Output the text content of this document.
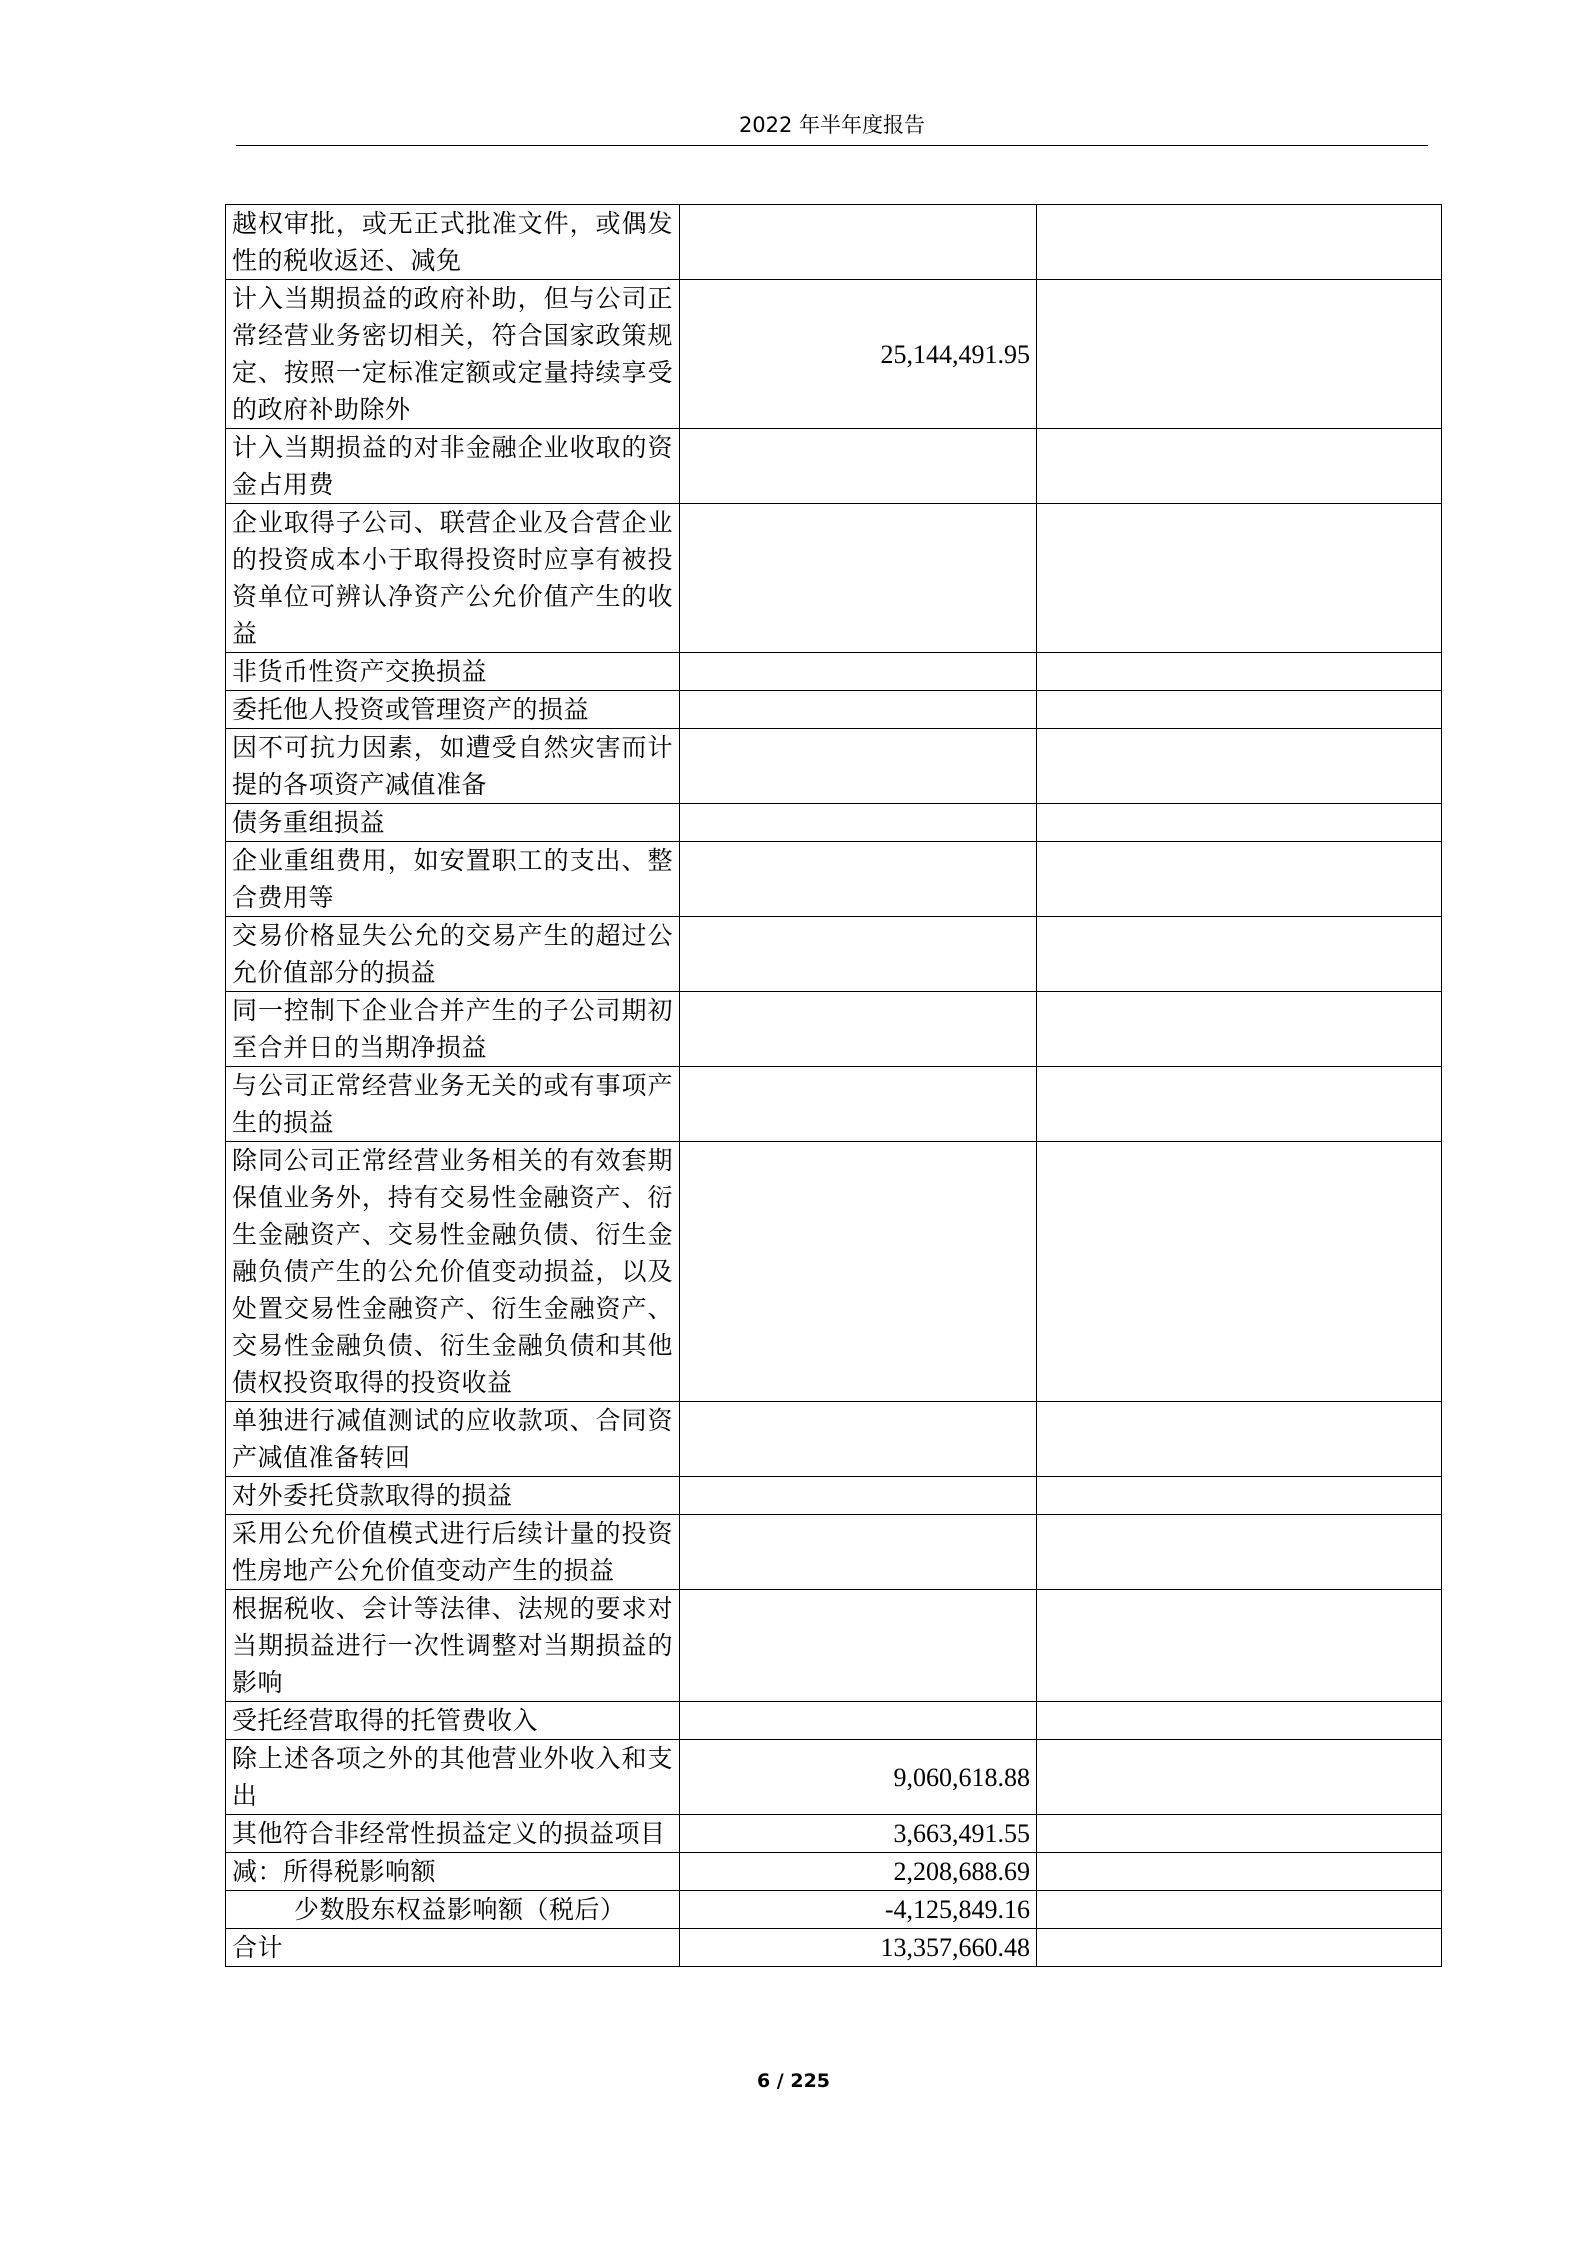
2022 年半年度报告
越权审批，或无正式批准文件，或偶发性的税收返还、减免		
计入当期损益的政府补助，但与公司正常经营业务密切相关，符合国家政策规定、按照一定标准定额或定量持续享受的政府补助除外	25,144,491.95	
计入当期损益的对非金融企业收取的资金占用费		
企业取得子公司、联营企业及合营企业的投资成本小于取得投资时应享有被投资单位可辨认净资产公允价值产生的收益		
非货币性资产交换损益		
委托他人投资或管理资产的损益		
因不可抗力因素，如遭受自然灾害而计提的各项资产减值准备		
债务重组损益		
企业重组费用，如安置职工的支出、整合费用等		
交易价格显失公允的交易产生的超过公允价值部分的损益		
同一控制下企业合并产生的子公司期初至合并日的当期净损益		
与公司正常经营业务无关的或有事项产生的损益		
除同公司正常经营业务相关的有效套期保值业务外，持有交易性金融资产、衍生金融资产、交易性金融负债、衍生金融负债产生的公允价值变动损益，以及处置交易性金融资产、衍生金融资产、交易性金融负债、衍生金融负债和其他债权投资取得的投资收益		
单独进行减值测试的应收款项、合同资产减值准备转回		
对外委托贷款取得的损益		
采用公允价值模式进行后续计量的投资性房地产公允价值变动产生的损益		
根据税收、会计等法律、法规的要求对当期损益进行一次性调整对当期损益的影响		
受托经营取得的托管费收入		
除上述各项之外的其他营业外收入和支出	9,060,618.88	
其他符合非经常性损益定义的损益项目	3,663,491.55	
减：所得税影响额	2,208,688.69	
少数股东权益影响额（税后）	-4,125,849.16	
合计	13,357,660.48	
6 / 225
